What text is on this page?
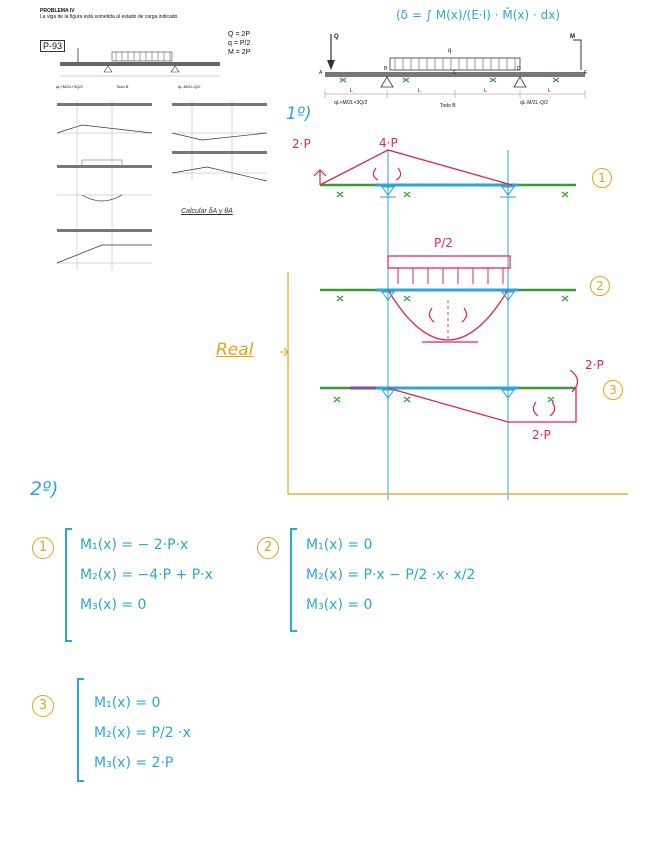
PROBLEMA IV
La viga de la figura está sometida al estado de carga indicado.
P-93
Q = 2P
q = P/2
M = 2P
qL+M/2L+3Q/2	Todo B	qL-M/2L-Q/2
Calcular δA y θA
(δ = ∫ M(x)/(E·I) · M̄(x) · dx)
Q
q
M
A
B
C
D
E
L	L	L	L
qL+M/2L+3Q/2	Todo B	qL-M/2L-Q/2
1º)
2·P	4·P
1
P/2
2
Real
2·P
3
2·P
2º)
1	M₁(x) = − 2·P·x
M₂(x) = −4·P + P·x
M₃(x) = 0
2	M₁(x) = 0
M₂(x) = P·x − P/2 ·x· x/2
M₃(x) = 0
3	M₁(x) = 0
M₂(x) = P/2 ·x
M₃(x) = 2·P
